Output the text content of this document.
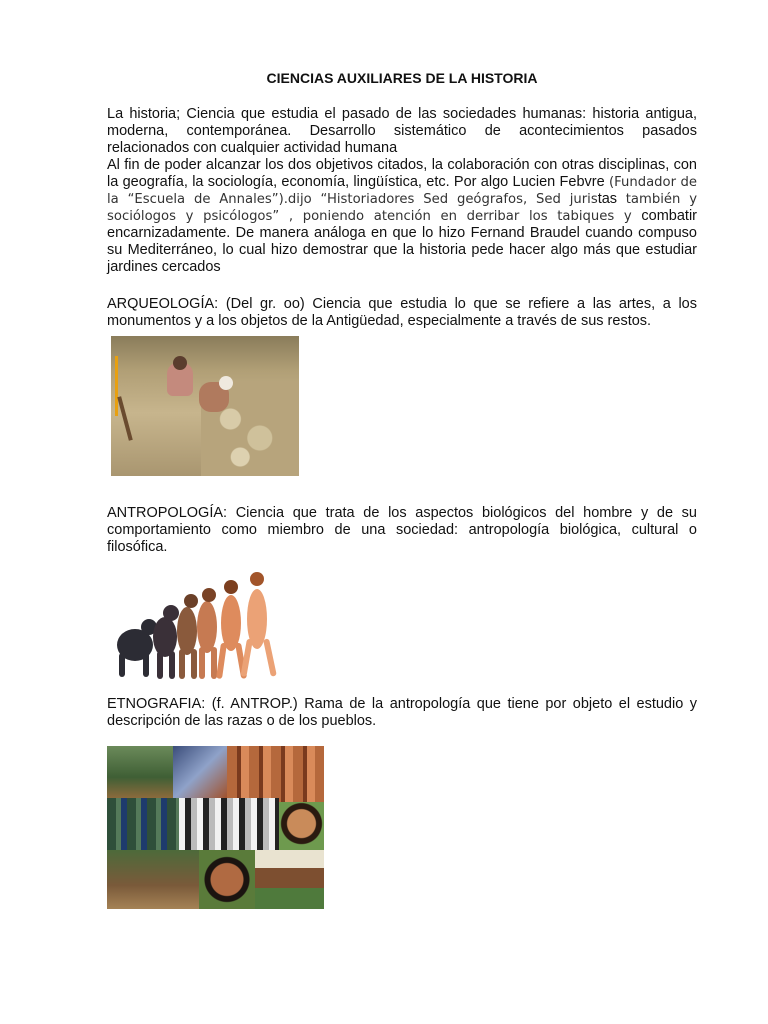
CIENCIAS AUXILIARES DE LA HISTORIA

La historia; Ciencia que estudia el pasado de las sociedades humanas: historia antigua, moderna, contemporánea. Desarrollo sistemático de acontecimientos pasados relacionados con cualquier actividad humana
Al fin de poder alcanzar los dos objetivos citados, la colaboración con otras disciplinas, con la geografía, la sociología, economía, lingüística, etc. Por algo Lucien Febvre (Fundador de la “Escuela de Annales”).dijo “Historiadores Sed geógrafos, Sed juristas también y sociólogos y psicólogos” , poniendo atención en derribar los tabiques y combatir encarnizadamente. De manera análoga en que lo hizo Fernand Braudel cuando compuso su Mediterráneo, lo cual hizo demostrar que la historia pede hacer algo más que estudiar jardines cercados

ARQUEOLOGÍA: (Del gr. oo) Ciencia que estudia lo que se refiere a las artes, a los monumentos y a los objetos de la Antigüedad, especialmente a través de sus restos.

ANTROPOLOGÍA: Ciencia que trata de los aspectos biológicos del hombre y de su comportamiento como miembro de una sociedad: antropología biológica, cultural o filosófica.

ETNOGRAFIA: (f. ANTROP.) Rama de la antropología que tiene por objeto el estudio y descripción de las razas o de los pueblos.
